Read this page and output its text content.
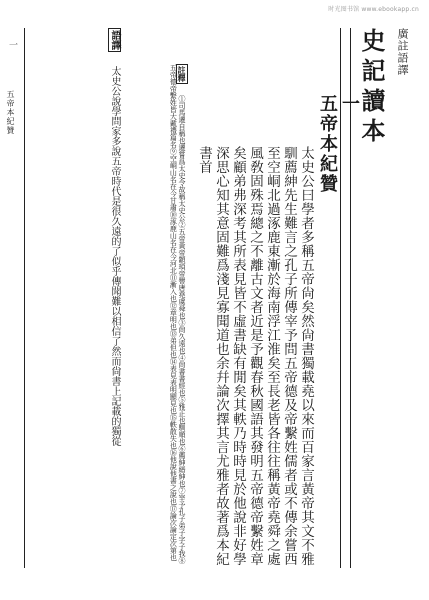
时光图书馆 www.ebookapp.cn
廣註語譯
史記讀本
一
五帝本紀贊
太史公曰學者多稱五帝尙矣然尙書獨載堯以來而百家言黃帝其文不雅馴薦紳先生難言之孔子所傳宰予問五帝德及帝繫姓儒者或不傳余嘗西至空峒北過涿鹿東漸於海南浮江淮矣至長老皆各往往稱黃帝堯舜之處風敎固殊焉總之不離古文者近是予觀春秋國語其發明五帝德帝繫姓章矣顧弟弗深考其所表見皆不虛書缺有閒矣其軼乃時時見於他說非好學深思心知其意固難爲淺見寡聞道也余幷論次擇其言尤雅者故著爲本紀書首
註釋 ①司馬遷自稱也遷嘗爲太史令故稱太史公②五帝黃帝顓頊帝嚳唐堯虞舜也③尙久遠也④尙書書經也⑤雅正也馴順也⑥薦紳縉紳也⑦宰予孔子弟子字子我⑧五帝德帝繫姓皆大戴禮篇名⑨空峒山名在今甘肅⑩涿鹿山名在今河北⑪漸入也⑫章明也⑬弟但也⑭表見表明顯見也⑮軼散失也⑯他說他書之說也⑰論次論定次第也
語譯 太史公說學問家多說五帝時代是很久遠的了似乎傳聞難以相信了然而尙書上記載的獨從
五帝本紀贊
一
